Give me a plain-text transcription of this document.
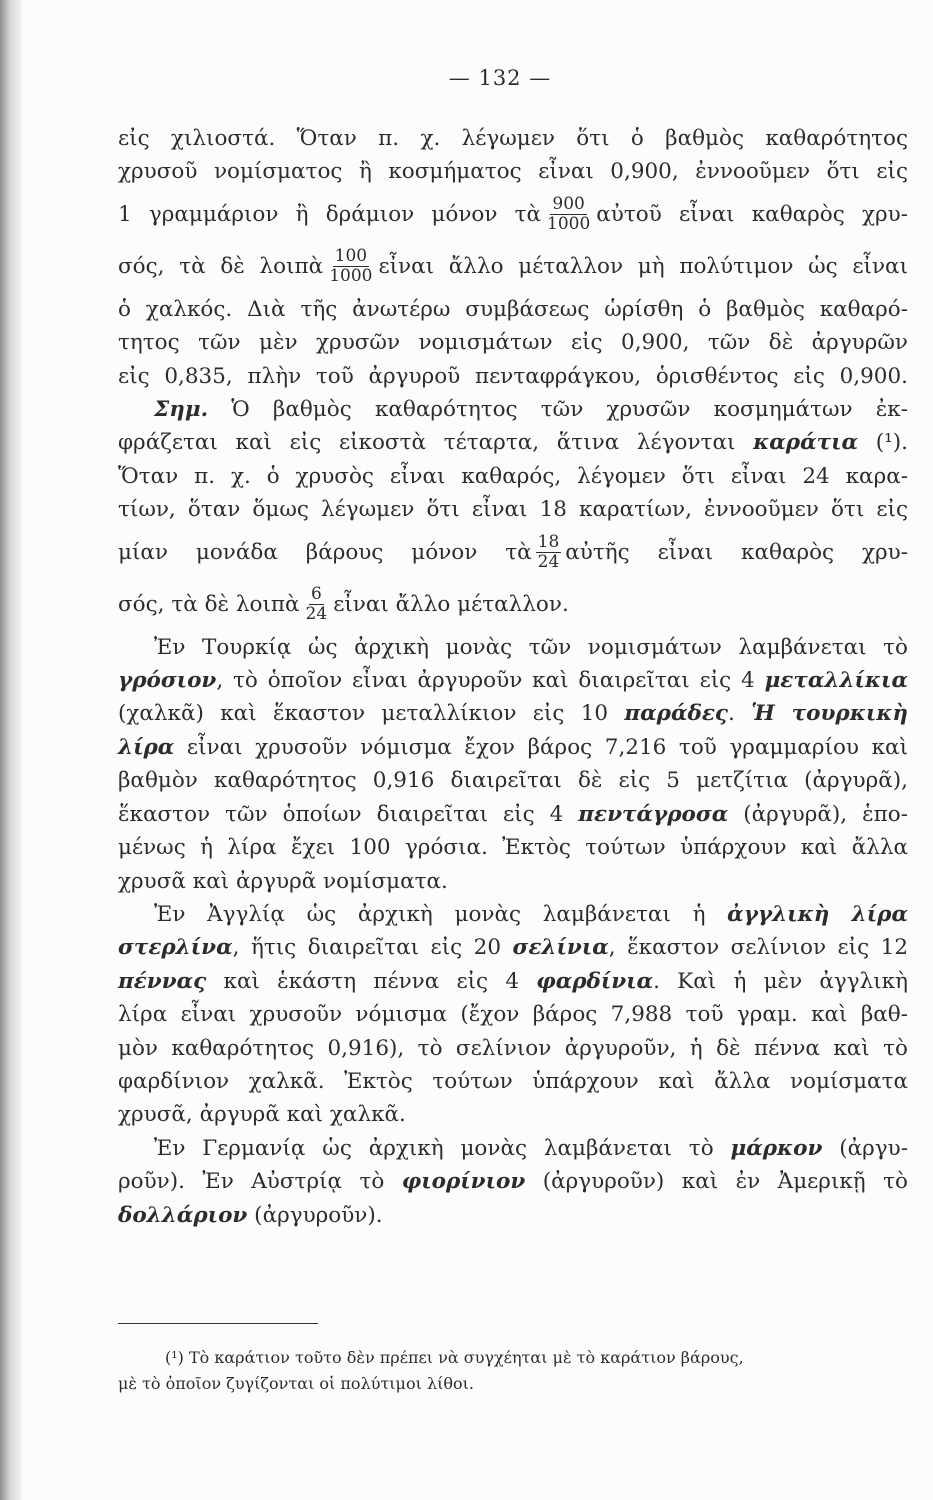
— 132 —
εἰς χιλιοστά. Ὅταν π. χ. λέγωμεν ὅτι ὁ βαθμὸς καθαρότητος
χρυσοῦ νομίσματος ἢ κοσμήματος εἶναι 0,900, ἐννοοῦμεν ὅτι εἰς
1 γραμμάριον ἢ δράμιον μόνον τὰ $\frac{900}{1000}$ αὐτοῦ εἶναι καθαρὸς χρυ-
σός, τὰ δὲ λοιπὰ $\frac{100}{1000}$ εἶναι ἄλλο μέταλλον μὴ πολύτιμον ὡς εἶναι
ὁ χαλκός. Διὰ τῆς ἀνωτέρω συμβάσεως ὡρίσθη ὁ βαθμὸς καθαρό-
τητος τῶν μὲν χρυσῶν νομισμάτων εἰς 0,900, τῶν δὲ ἀργυρῶν
εἰς 0,835, πλὴν τοῦ ἀργυροῦ πενταφράγκου, ὁρισθέντος εἰς 0,900.
Σημ. Ὁ βαθμὸς καθαρότητος τῶν χρυσῶν κοσμημάτων ἐκ-
φράζεται καὶ εἰς εἰκοστὰ τέταρτα, ἅτινα λέγονται καράτια (¹).
Ὅταν π. χ. ὁ χρυσὸς εἶναι καθαρός, λέγομεν ὅτι εἶναι 24 καρα-
τίων, ὅταν ὅμως λέγωμεν ὅτι εἶναι 18 καρατίων, ἐννοοῦμεν ὅτι εἰς
μίαν μονάδα βάρους μόνον τὰ $\frac{18}{24}$ αὐτῆς εἶναι καθαρὸς χρυ-
σός, τὰ δὲ λοιπὰ $\frac{6}{24}$ εἶναι ἄλλο μέταλλον.
Ἐν Τουρκίᾳ ὡς ἀρχικὴ μονὰς τῶν νομισμάτων λαμβάνεται τὸ
γρόσιον, τὸ ὁποῖον εἶναι ἀργυροῦν καὶ διαιρεῖται εἰς 4 μεταλλίκια
(χαλκᾶ) καὶ ἕκαστον μεταλλίκιον εἰς 10 παράδες. Ἡ τουρκικὴ
λίρα εἶναι χρυσοῦν νόμισμα ἔχον βάρος 7,216 τοῦ γραμμαρίου καὶ
βαθμὸν καθαρότητος 0,916 διαιρεῖται δὲ εἰς 5 μετζίτια (ἀργυρᾶ),
ἕκαστον τῶν ὁποίων διαιρεῖται εἰς 4 πεντάγροσα (ἀργυρᾶ), ἑπο-
μένως ἡ λίρα ἔχει 100 γρόσια. Ἐκτὸς τούτων ὑπάρχουν καὶ ἄλλα
χρυσᾶ καὶ ἀργυρᾶ νομίσματα.
Ἐν Ἀγγλίᾳ ὡς ἀρχικὴ μονὰς λαμβάνεται ἡ ἀγγλικὴ λίρα
στερλίνα, ἥτις διαιρεῖται εἰς 20 σελίνια, ἕκαστον σελίνιον εἰς 12
πέννας καὶ ἑκάστη πέννα εἰς 4 φαρδίνια. Καὶ ἡ μὲν ἀγγλικὴ
λίρα εἶναι χρυσοῦν νόμισμα (ἔχον βάρος 7,988 τοῦ γραμ. καὶ βαθ-
μὸν καθαρότητος 0,916), τὸ σελίνιον ἀργυροῦν, ἡ δὲ πέννα καὶ τὸ
φαρδίνιον χαλκᾶ. Ἐκτὸς τούτων ὑπάρχουν καὶ ἄλλα νομίσματα
χρυσᾶ, ἀργυρᾶ καὶ χαλκᾶ.
Ἐν Γερμανίᾳ ὡς ἀρχικὴ μονὰς λαμβάνεται τὸ μάρκον (ἀργυ-
ροῦν). Ἐν Αὐστρίᾳ τὸ φιορίνιον (ἀργυροῦν) καὶ ἐν Ἀμερικῇ τὸ
δολλάριον (ἀργυροῦν).
(¹) Τὸ καράτιον τοῦτο δὲν πρέπει νὰ συγχέηται μὲ τὸ καράτιον βάρους,
μὲ τὸ ὁποῖον ζυγίζονται οἱ πολύτιμοι λίθοι.
